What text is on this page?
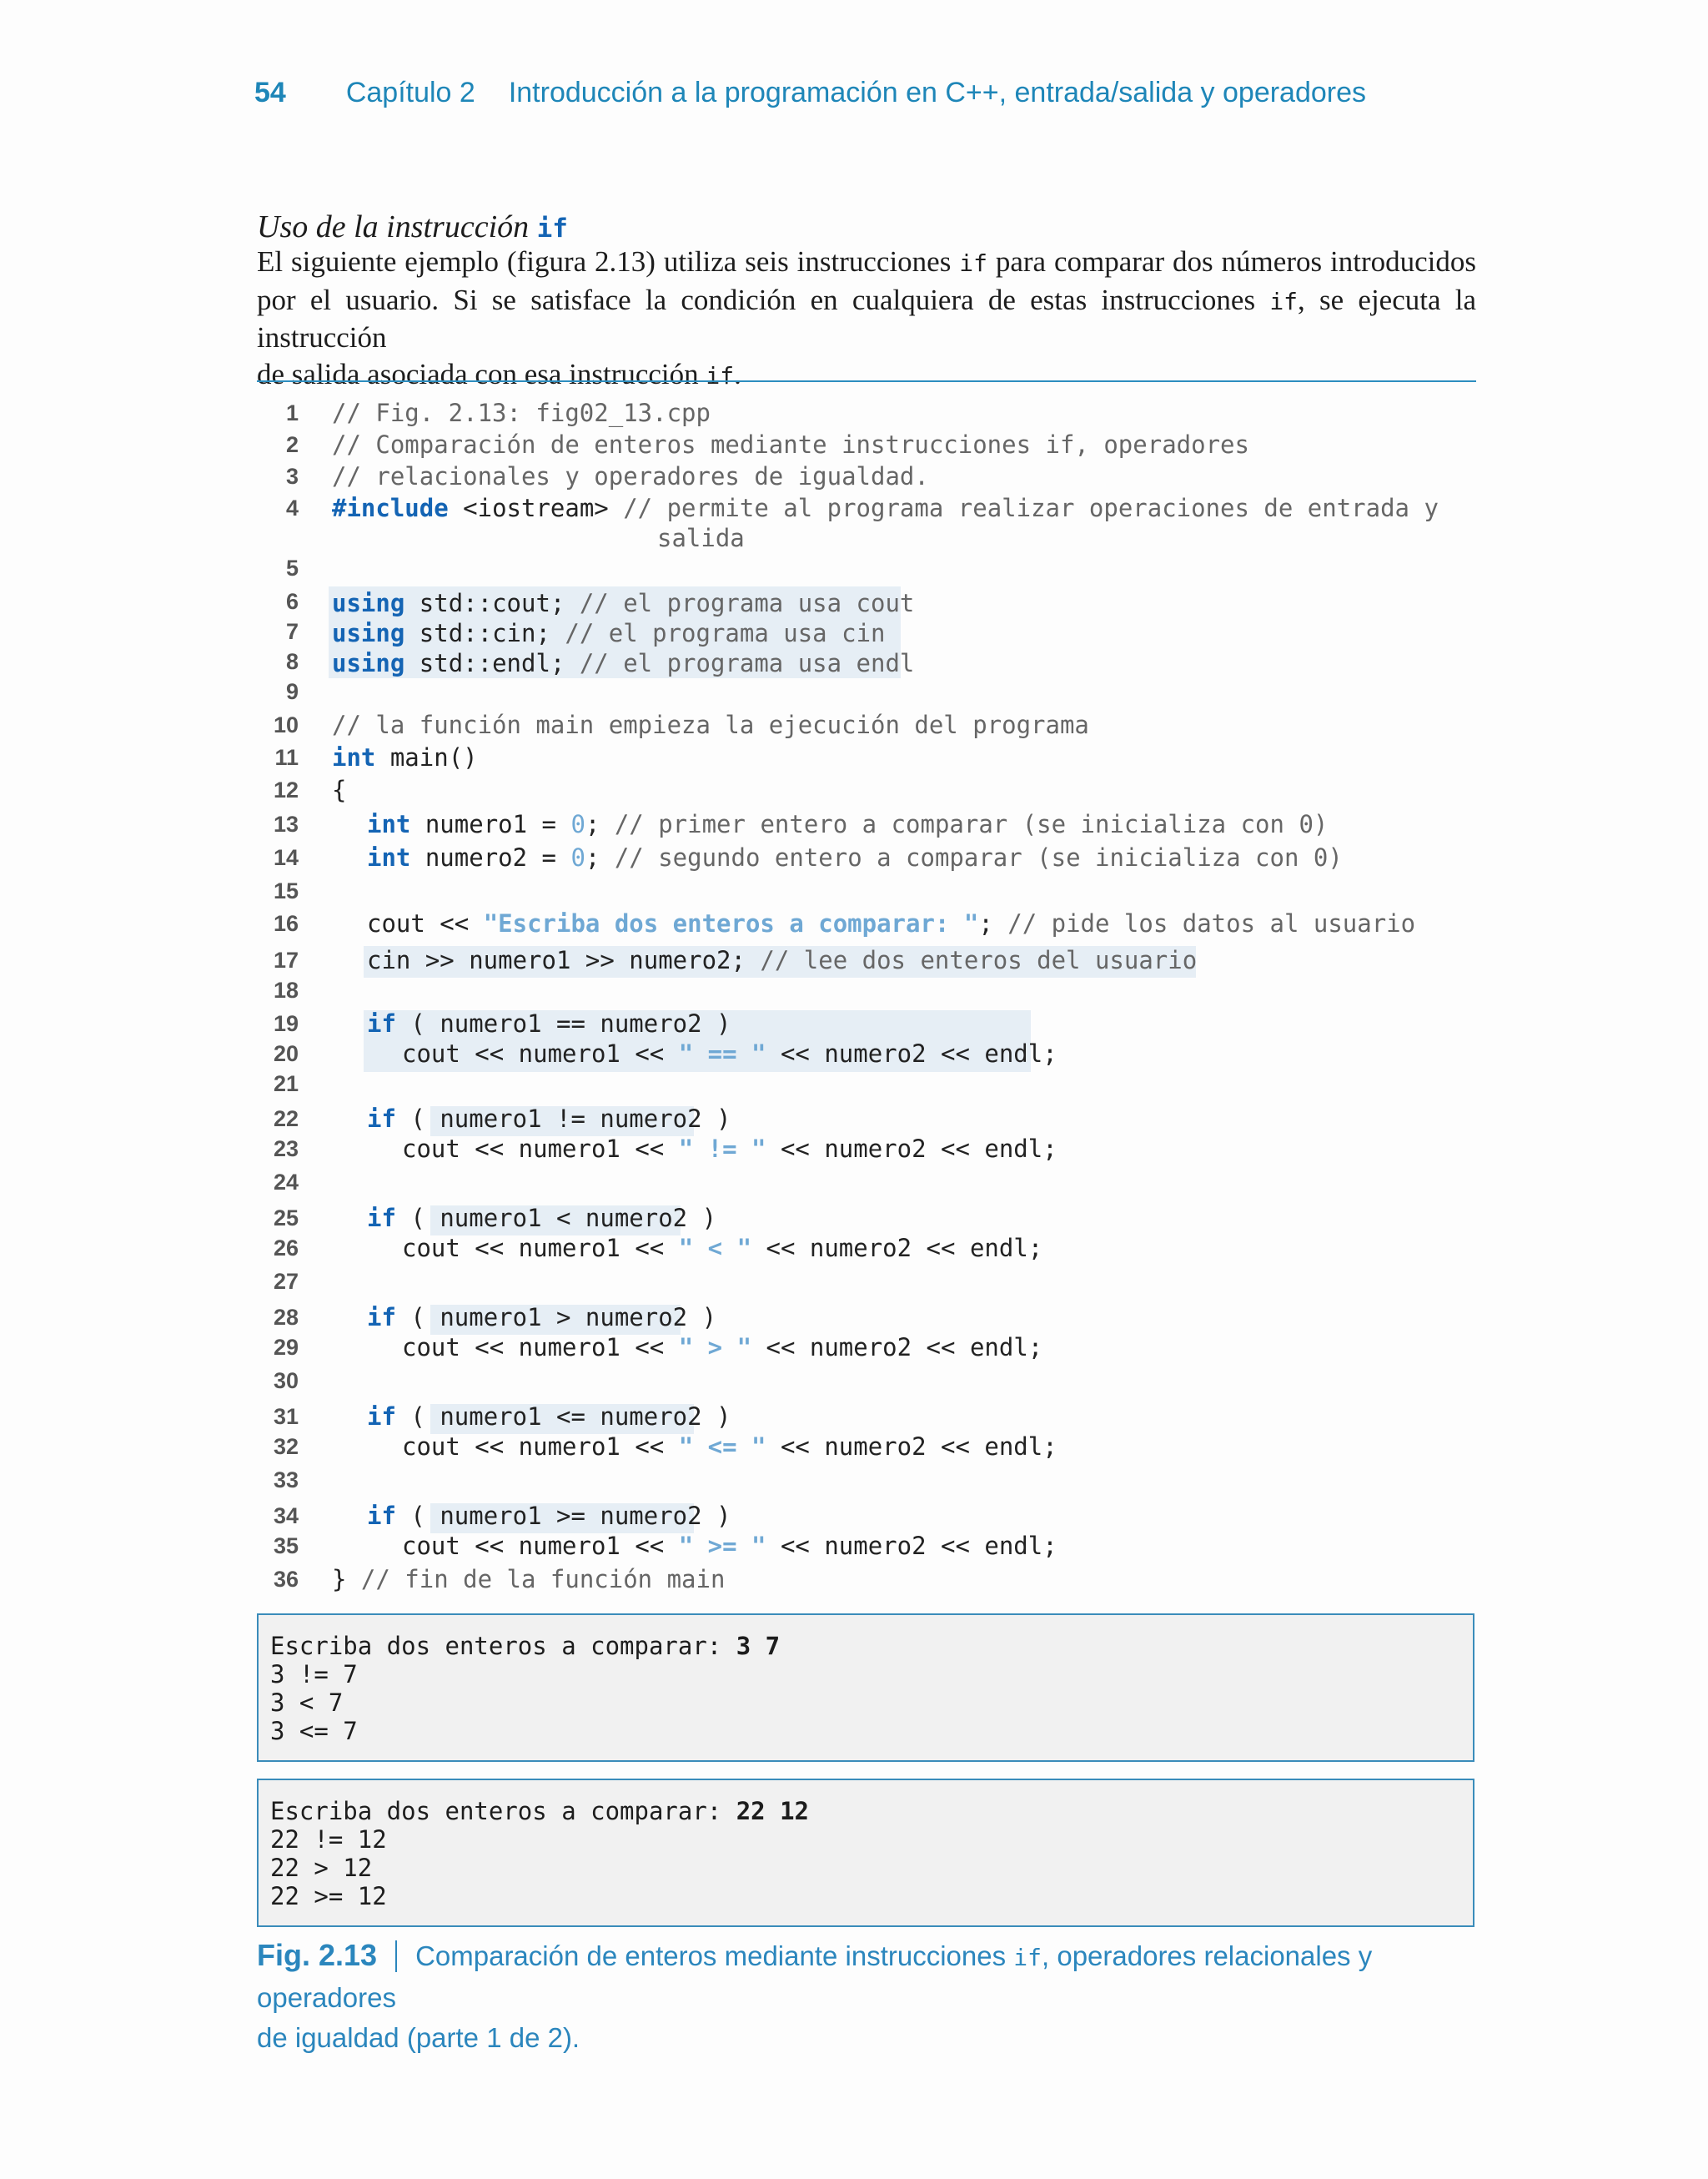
54 Capítulo 2 Introducción a la programación en C++, entrada/salida y operadores
Uso de la instrucción if
El siguiente ejemplo (figura 2.13) utiliza seis instrucciones if para comparar dos números introducidos
por el usuario. Si se satisface la condición en cualquiera de estas instrucciones if, se ejecuta la instrucción
de salida asociada con esa instrucción if.
1
2
3
4
5
6
7
8
9
10
11
12
13
14
15
16
17
18
19
20
21
22
23
24
25
26
27
28
29
30
31
32
33
34
35
36
// Fig. 2.13: fig02_13.cpp
// Comparación de enteros mediante instrucciones if, operadores
// relacionales y operadores de igualdad.
#include <iostream> // permite al programa realizar operaciones de entrada y
salida
using std::cout; // el programa usa cout
using std::cin; // el programa usa cin
using std::endl; // el programa usa endl
// la función main empieza la ejecución del programa
int main()
{
int numero1 = 0; // primer entero a comparar (se inicializa con 0)
int numero2 = 0; // segundo entero a comparar (se inicializa con 0)
cout << "Escriba dos enteros a comparar: "; // pide los datos al usuario
cin >> numero1 >> numero2; // lee dos enteros del usuario
if ( numero1 == numero2 )
cout << numero1 << " == " << numero2 << endl;
if ( numero1 != numero2 )
cout << numero1 << " != " << numero2 << endl;
if ( numero1 < numero2 )
cout << numero1 << " < " << numero2 << endl;
if ( numero1 > numero2 )
cout << numero1 << " > " << numero2 << endl;
if ( numero1 <= numero2 )
cout << numero1 << " <= " << numero2 << endl;
if ( numero1 >= numero2 )
cout << numero1 << " >= " << numero2 << endl;
} // fin de la función main
Escriba dos enteros a comparar: 3 7
3 != 7
3 < 7
3 <= 7
Escriba dos enteros a comparar: 22 12
22 != 12
22 > 12
22 >= 12
Fig. 2.13 Comparación de enteros mediante instrucciones if, operadores relacionales y operadores
de igualdad (parte 1 de 2).
